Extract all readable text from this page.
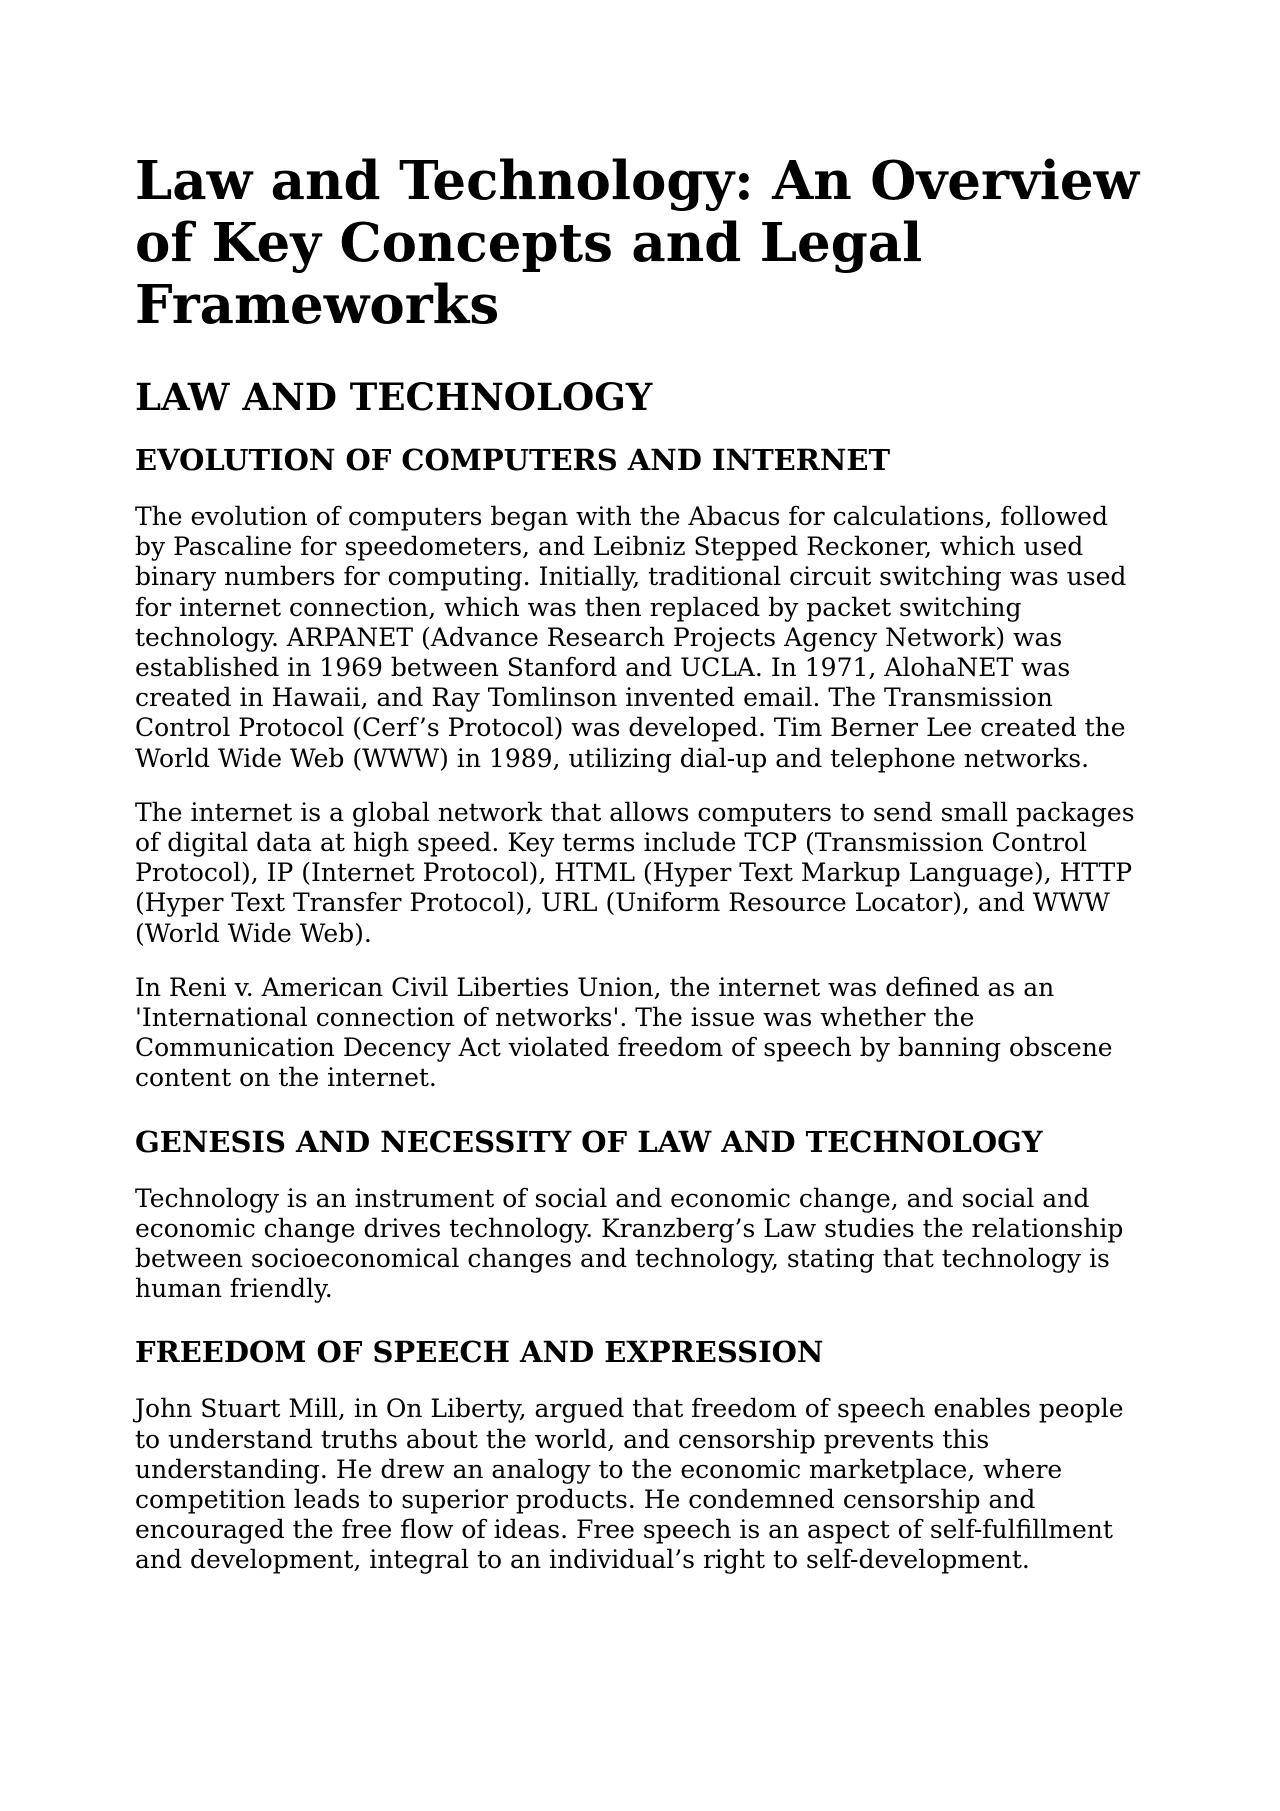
Law and Technology: An Overview of Key Concepts and Legal Frameworks
LAW AND TECHNOLOGY
EVOLUTION OF COMPUTERS AND INTERNET

The evolution of computers began with the Abacus for calculations, followed by Pascaline for speedometers, and Leibniz Stepped Reckoner, which used binary numbers for computing. Initially, traditional circuit switching was used for internet connection, which was then replaced by packet switching technology. ARPANET (Advance Research Projects Agency Network) was established in 1969 between Stanford and UCLA. In 1971, AlohaNET was created in Hawaii, and Ray Tomlinson invented email. The Transmission Control Protocol (Cerf’s Protocol) was developed. Tim Berner Lee created the World Wide Web (WWW) in 1989, utilizing dial-up and telephone networks.

The internet is a global network that allows computers to send small packages of digital data at high speed. Key terms include TCP (Transmission Control Protocol), IP (Internet Protocol), HTML (Hyper Text Markup Language), HTTP (Hyper Text Transfer Protocol), URL (Uniform Resource Locator), and WWW (World Wide Web).

In Reni v. American Civil Liberties Union, the internet was defined as an 'International connection of networks'. The issue was whether the Communication Decency Act violated freedom of speech by banning obscene content on the internet.

GENESIS AND NECESSITY OF LAW AND TECHNOLOGY

Technology is an instrument of social and economic change, and social and economic change drives technology. Kranzberg’s Law studies the relationship between socioeconomical changes and technology, stating that technology is human friendly.

FREEDOM OF SPEECH AND EXPRESSION

John Stuart Mill, in On Liberty, argued that freedom of speech enables people to understand truths about the world, and censorship prevents this understanding. He drew an analogy to the economic marketplace, where competition leads to superior products. He condemned censorship and encouraged the free flow of ideas. Free speech is an aspect of self-fulfillment and development, integral to an individual’s right to self-development.
